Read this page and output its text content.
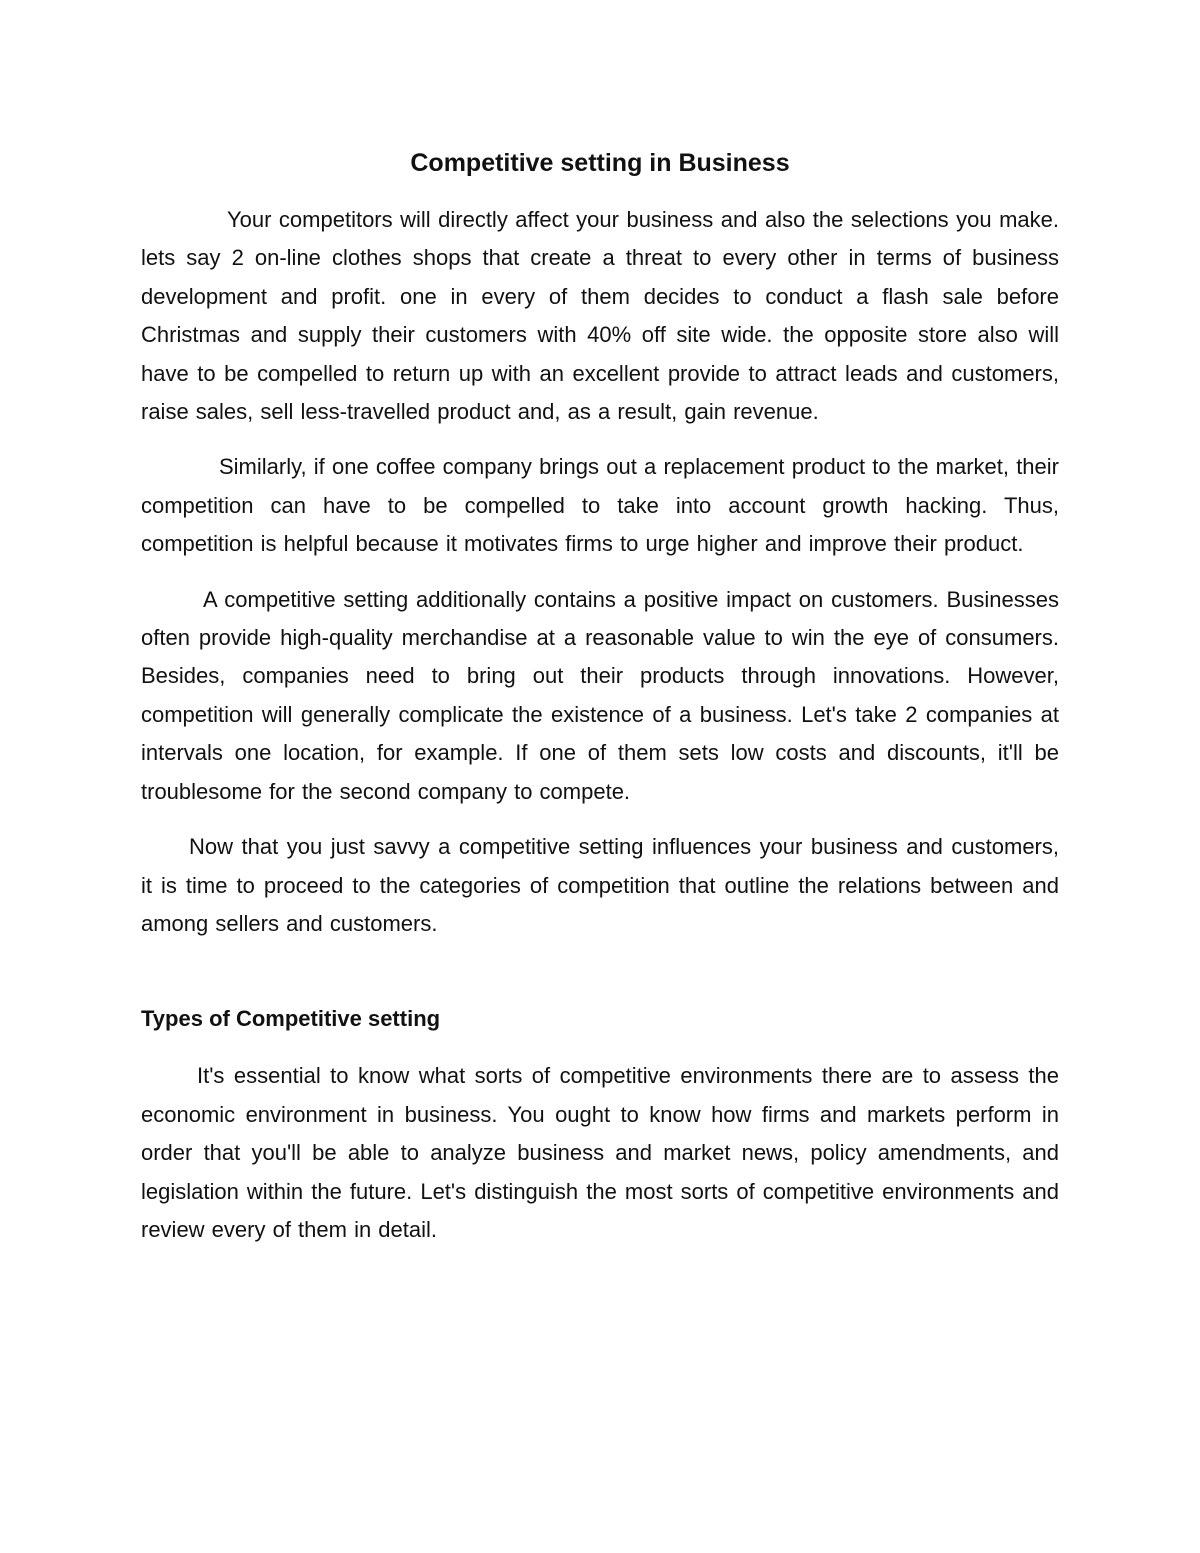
Competitive setting in Business

Your competitors will directly affect your business and also the selections you make. lets say 2 on-line clothes shops that create a threat to every other in terms of business development and profit. one in every of them decides to conduct a flash sale before Christmas and supply their customers with 40% off site wide. the opposite store also will have to be compelled to return up with an excellent provide to attract leads and customers, raise sales, sell less-travelled product and, as a result, gain revenue.

Similarly, if one coffee company brings out a replacement product to the market, their competition can have to be compelled to take into account growth hacking. Thus, competition is helpful because it motivates firms to urge higher and improve their product.

A competitive setting additionally contains a positive impact on customers. Businesses often provide high-quality merchandise at a reasonable value to win the eye of consumers. Besides, companies need to bring out their products through innovations. However, competition will generally complicate the existence of a business. Let's take 2 companies at intervals one location, for example. If one of them sets low costs and discounts, it'll be troublesome for the second company to compete.

Now that you just savvy a competitive setting influences your business and customers, it is time to proceed to the categories of competition that outline the relations between and among sellers and customers.

Types of Competitive setting

It's essential to know what sorts of competitive environments there are to assess the economic environment in business. You ought to know how firms and markets perform in order that you'll be able to analyze business and market news, policy amendments, and legislation within the future. Let's distinguish the most sorts of competitive environments and review every of them in detail.
